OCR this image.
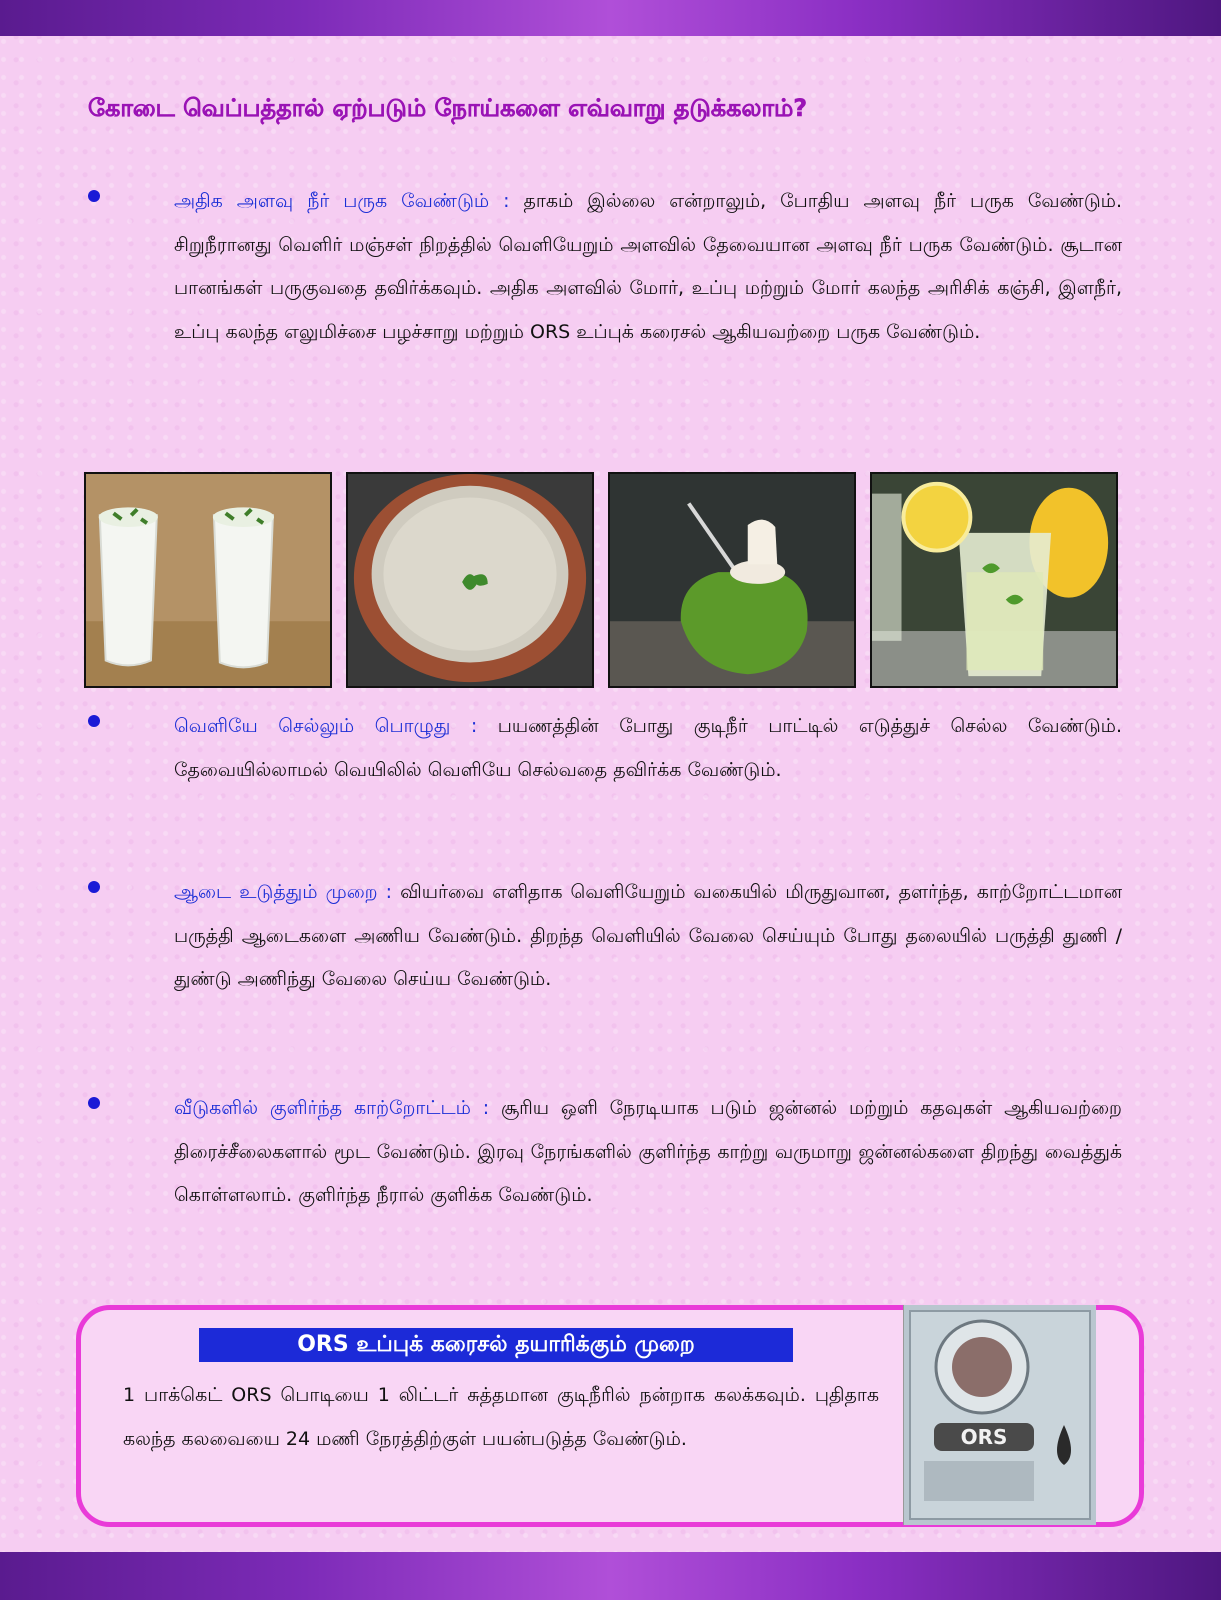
கோடை வெப்பத்தால் ஏற்படும் நோய்களை எவ்வாறு தடுக்கலாம்?
அதிக அளவு நீர் பருக வேண்டும் : தாகம் இல்லை என்றாலும், போதிய அளவு நீர் பருக வேண்டும். சிறுநீரானது வெளிர் மஞ்சள் நிறத்தில் வெளியேறும் அளவில் தேவையான அளவு நீர் பருக வேண்டும். சூடான பானங்கள் பருகுவதை தவிர்க்கவும். அதிக அளவில் மோர், உப்பு மற்றும் மோர் கலந்த அரிசிக் கஞ்சி, இளநீர், உப்பு கலந்த எலுமிச்சை பழச்சாறு மற்றும் ORS உப்புக் கரைசல் ஆகியவற்றை பருக வேண்டும்.
வெளியே செல்லும் பொழுது : பயணத்தின் போது குடிநீர் பாட்டில் எடுத்துச் செல்ல வேண்டும். தேவையில்லாமல் வெயிலில் வெளியே செல்வதை தவிர்க்க வேண்டும்.
ஆடை உடுத்தும் முறை : வியர்வை எளிதாக வெளியேறும் வகையில் மிருதுவான, தளர்ந்த, காற்றோட்டமான பருத்தி ஆடைகளை அணிய வேண்டும். திறந்த வெளியில் வேலை செய்யும் போது தலையில் பருத்தி துணி / துண்டு அணிந்து வேலை செய்ய வேண்டும்.
வீடுகளில் குளிர்ந்த காற்றோட்டம் : சூரிய ஒளி நேரடியாக படும் ஜன்னல் மற்றும் கதவுகள் ஆகியவற்றை திரைச்சீலைகளால் மூட வேண்டும். இரவு நேரங்களில் குளிர்ந்த காற்று வருமாறு ஜன்னல்களை திறந்து வைத்துக் கொள்ளலாம். குளிர்ந்த நீரால் குளிக்க வேண்டும்.
ORS உப்புக் கரைசல் தயாரிக்கும் முறை
1 பாக்கெட் ORS பொடியை 1 லிட்டர் சுத்தமான குடிநீரில் நன்றாக கலக்கவும். புதிதாக கலந்த கலவையை 24 மணி நேரத்திற்குள் பயன்படுத்த வேண்டும்.	ORS
